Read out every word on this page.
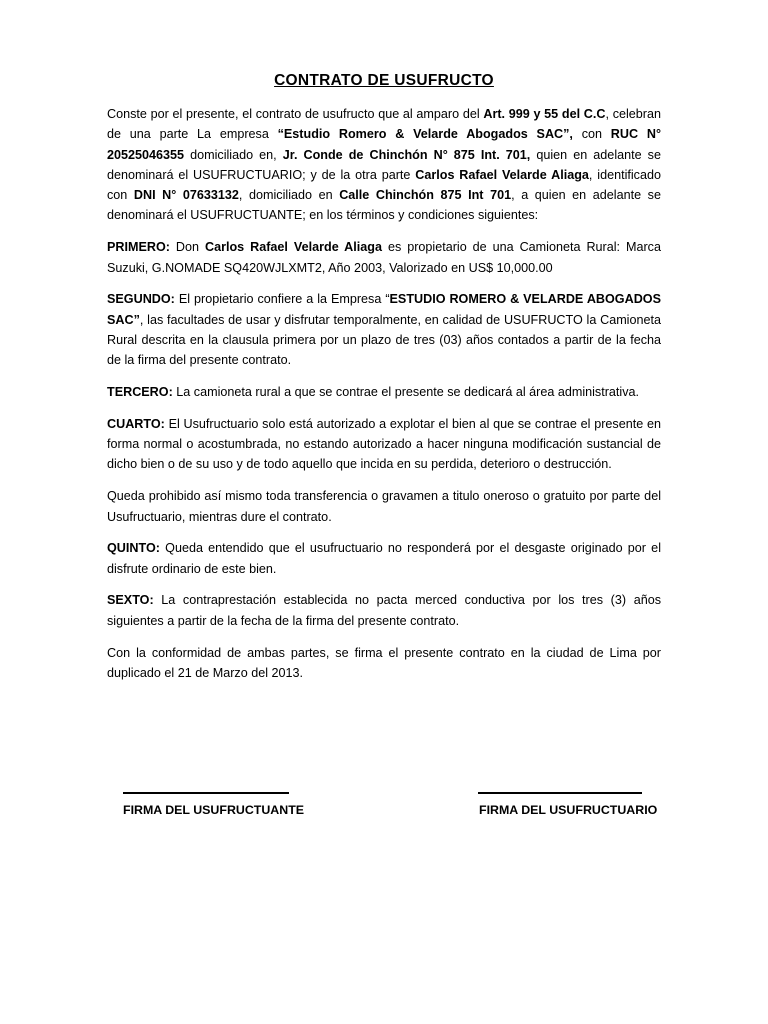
CONTRATO DE USUFRUCTO

Conste por el presente, el contrato de usufructo que al amparo del Art. 999 y 55 del C.C, celebran de una parte La empresa “Estudio Romero & Velarde Abogados SAC”, con RUC N° 20525046355 domiciliado en, Jr. Conde de Chinchón N° 875 Int. 701, quien en adelante se denominará el USUFRUCTUARIO; y de la otra parte Carlos Rafael Velarde Aliaga, identificado con DNI N° 07633132, domiciliado en Calle Chinchón 875 Int 701, a quien en adelante se denominará el USUFRUCTUANTE; en los términos y condiciones siguientes:

PRIMERO: Don Carlos Rafael Velarde Aliaga es propietario de una Camioneta Rural: Marca Suzuki, G.NOMADE SQ420WJLXMT2, Año 2003, Valorizado en US$ 10,000.00

SEGUNDO: El propietario confiere a la Empresa “ESTUDIO ROMERO & VELARDE ABOGADOS SAC”, las facultades de usar y disfrutar temporalmente, en calidad de USUFRUCTO la Camioneta Rural descrita en la clausula primera por un plazo de tres (03) años contados a partir de la fecha de la firma del presente contrato.

TERCERO: La camioneta rural a que se contrae el presente se dedicará al área administrativa.

CUARTO: El Usufructuario solo está autorizado a explotar el bien al que se contrae el presente en forma normal o acostumbrada, no estando autorizado a hacer ninguna modificación sustancial de dicho bien o de su uso y de todo aquello que incida en su perdida, deterioro o destrucción.

Queda prohibido así mismo toda transferencia o gravamen a titulo oneroso o gratuito por parte del Usufructuario, mientras dure el contrato.

QUINTO: Queda entendido que el usufructuario no responderá por el desgaste originado por el disfrute ordinario de este bien.

SEXTO: La contraprestación establecida no pacta merced conductiva por los tres (3) años siguientes a partir de la fecha de la firma del presente contrato.

Con la conformidad de ambas partes, se firma el presente contrato en la ciudad de Lima por duplicado el 21 de Marzo del 2013.

FIRMA DEL USUFRUCTUANTE	FIRMA DEL USUFRUCTUARIO
